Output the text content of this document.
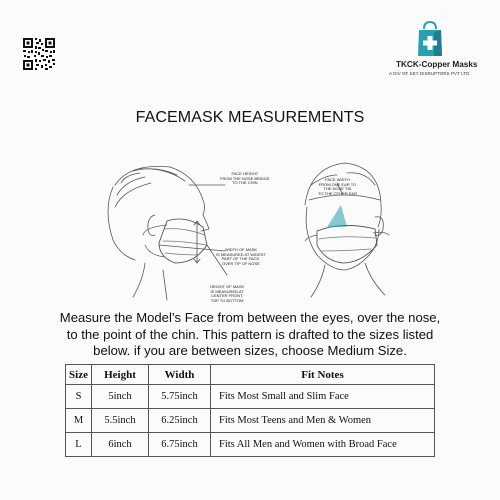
TKCK-Copper Masks
A DIV OF KEY DISRUPTORS PVT LTD
FACEMASK MEASUREMENTS
FACE HEIGHT
FROM THE NOSE BRIDGE
TO THE CHIN
FACE WIDTH
FROM ONE EAR TO
THE NOSE TID
TO THE OTHER EAR
WIDTH OF MASK
IS MEASURED AT WIDEST
PART OF THE FACE,
OVER TIP OF NOSE
HEIGHT OF MASK
IS MEASURED AT
CENTER FRONT,
TOP TO BOTTOM
Measure the Model’s Face from between the eyes, over the nose,
to the point of the chin. This pattern is drafted to the sizes listed
below. if you are between sizes, choose Medium Size.
Size	Height	Width	Fit Notes
S	5inch	5.75inch	Fits Most Small and Slim Face
M	5.5inch	6.25inch	Fits Most Teens and Men & Women
L	6inch	6.75inch	Fits All Men and Women with Broad Face
